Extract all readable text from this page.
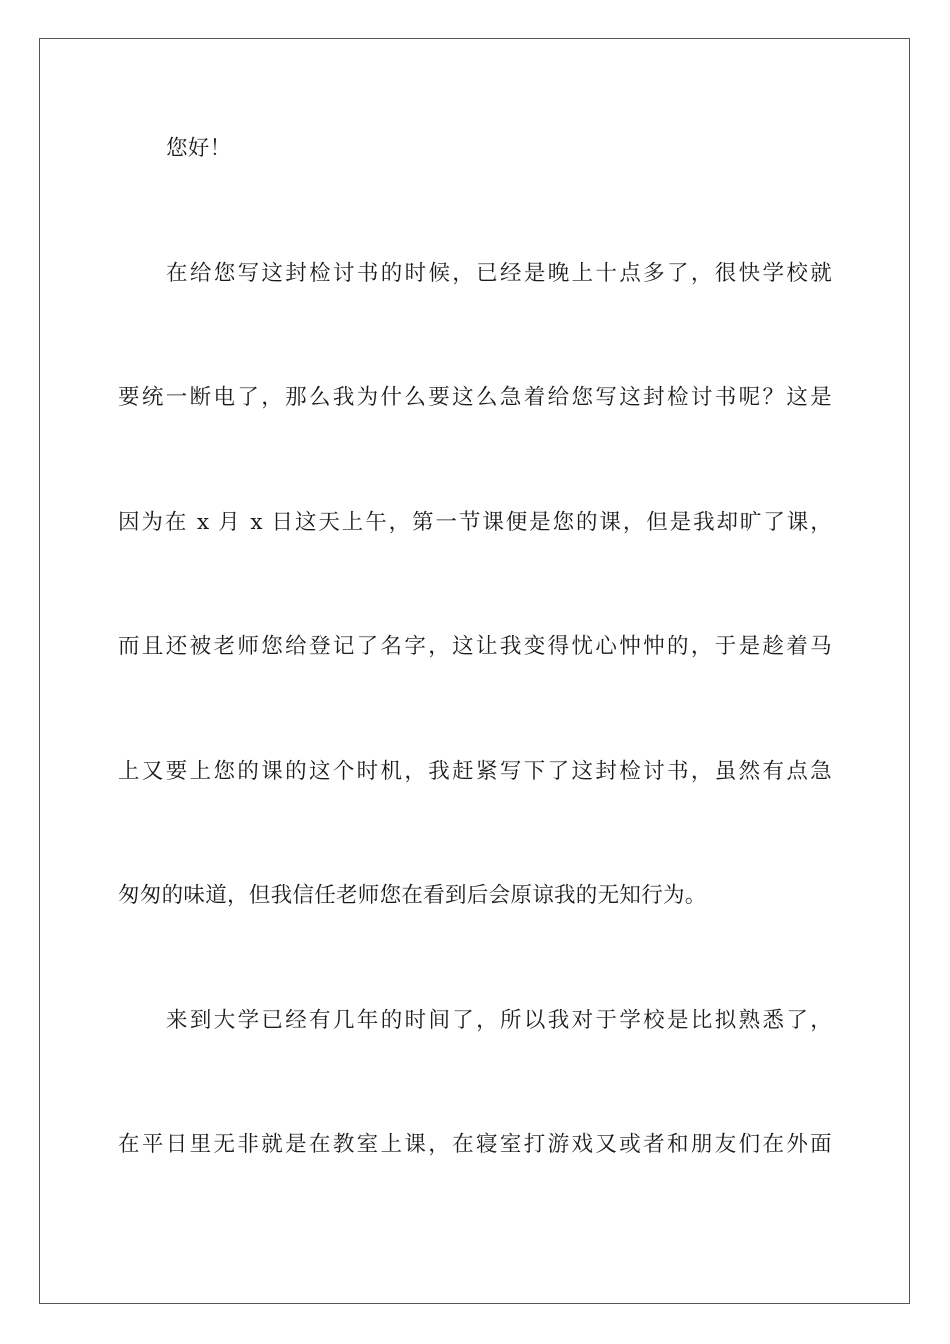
您好！
在给您写这封检讨书的时候，已经是晚上十点多了，很快学校就
要统一断电了，那么我为什么要这么急着给您写这封检讨书呢？这是
因为在 x 月 x 日这天上午，第一节课便是您的课，但是我却旷了课，
而且还被老师您给登记了名字，这让我变得忧心忡忡的，于是趁着马
上又要上您的课的这个时机，我赶紧写下了这封检讨书，虽然有点急
匆匆的味道，但我信任老师您在看到后会原谅我的无知行为。
来到大学已经有几年的时间了，所以我对于学校是比拟熟悉了，
在平日里无非就是在教室上课，在寝室打游戏又或者和朋友们在外面
